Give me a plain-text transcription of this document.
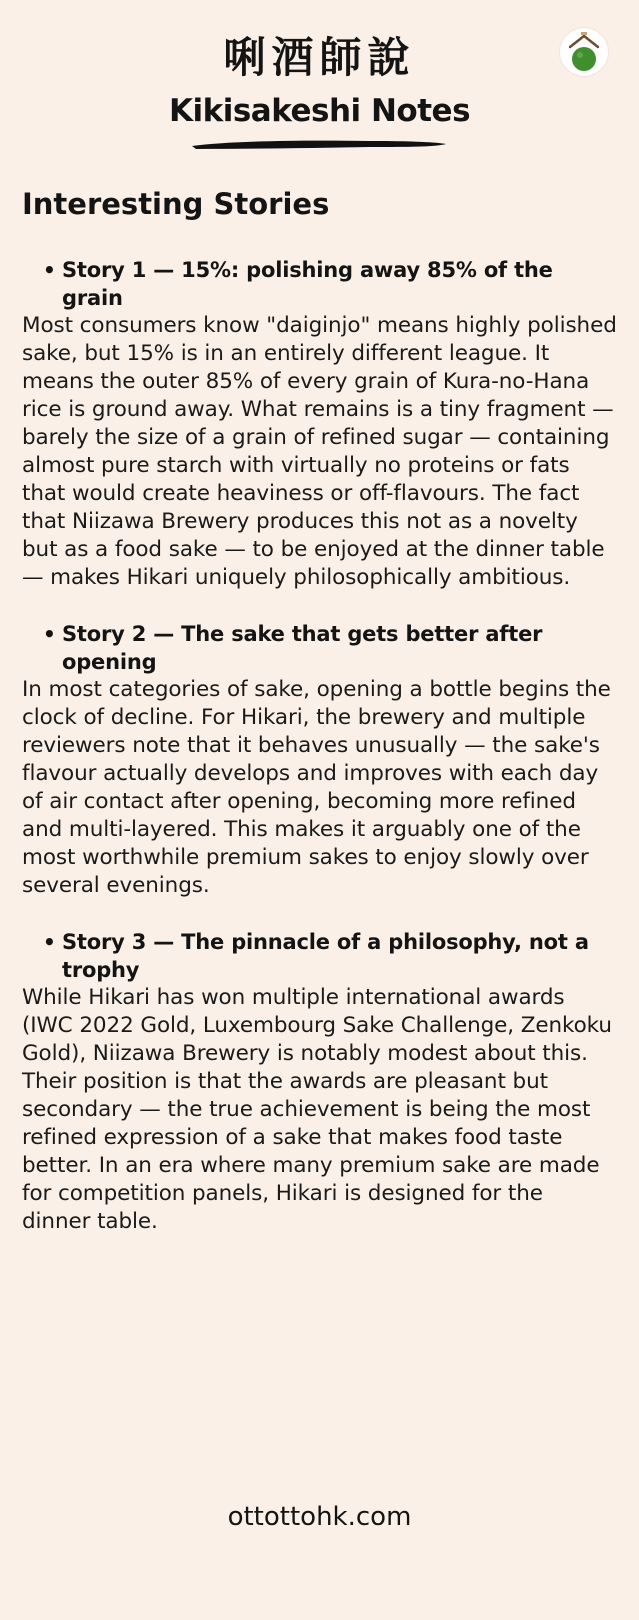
唎酒師說
Kikisakeshi Notes
Interesting Stories
• Story 1 — 15%: polishing away 85% of the grain

Most consumers know "daiginjo" means highly polished sake, but 15% is in an entirely different league. It means the outer 85% of every grain of Kura-no-Hana rice is ground away. What remains is a tiny fragment — barely the size of a grain of refined sugar — containing almost pure starch with virtually no proteins or fats that would create heaviness or off-flavours. The fact that Niizawa Brewery produces this not as a novelty but as a food sake — to be enjoyed at the dinner table — makes Hikari uniquely philosophically ambitious.

• Story 2 — The sake that gets better after opening

In most categories of sake, opening a bottle begins the clock of decline. For Hikari, the brewery and multiple reviewers note that it behaves unusually — the sake's flavour actually develops and improves with each day of air contact after opening, becoming more refined and multi-layered. This makes it arguably one of the most worthwhile premium sakes to enjoy slowly over several evenings.

• Story 3 — The pinnacle of a philosophy, not a trophy

While Hikari has won multiple international awards (IWC 2022 Gold, Luxembourg Sake Challenge, Zenkoku Gold), Niizawa Brewery is notably modest about this. Their position is that the awards are pleasant but secondary — the true achievement is being the most refined expression of a sake that makes food taste better. In an era where many premium sake are made for competition panels, Hikari is designed for the dinner table.

ottottohk.com
